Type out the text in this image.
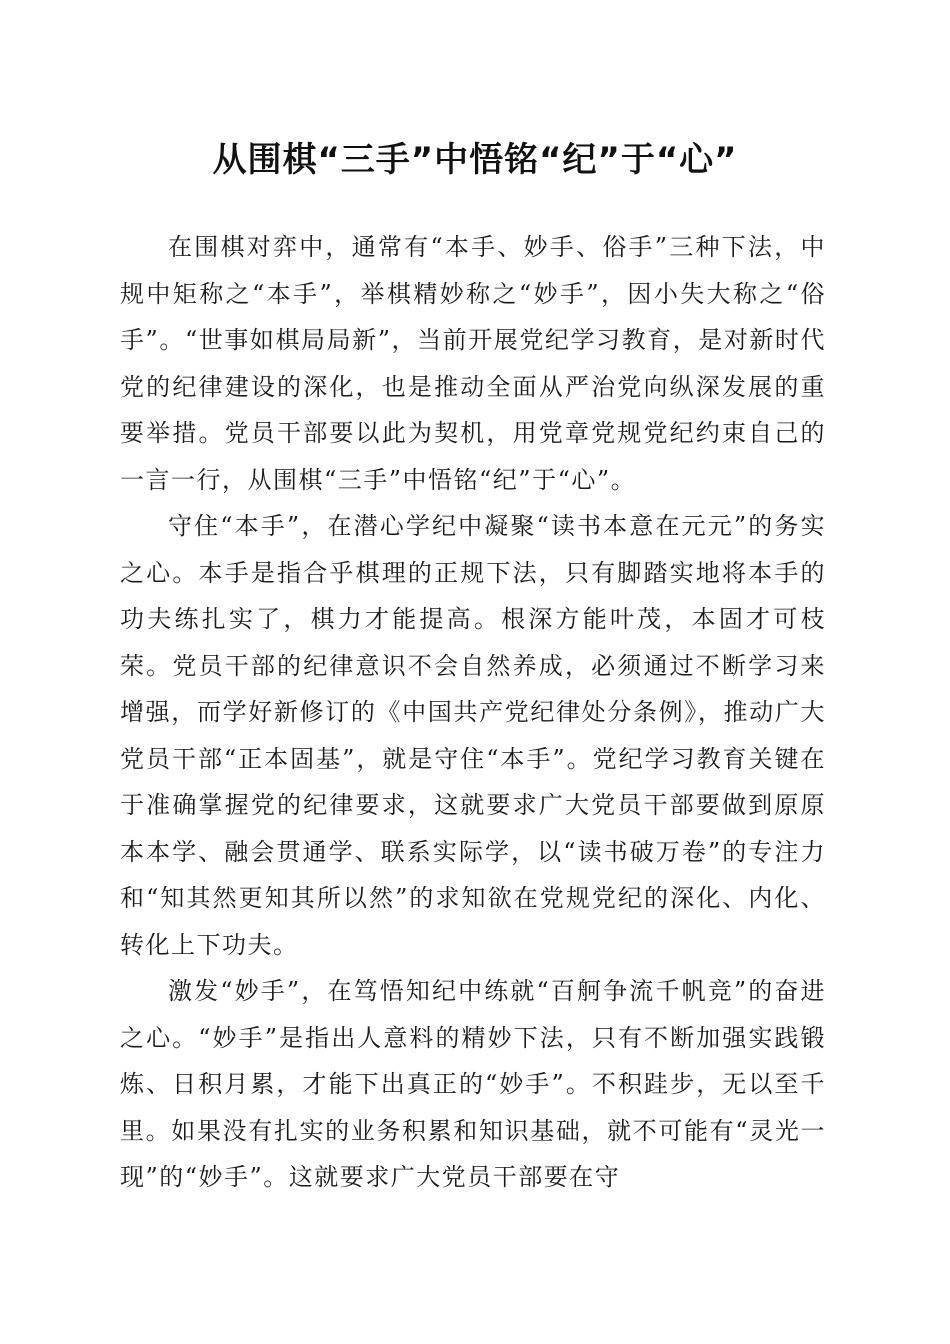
从围棋“三手”中悟铭“纪”于“心”

在围棋对弈中，通常有“本手、妙手、俗手”三种下法，中规中矩称之“本手”，举棋精妙称之“妙手”，因小失大称之“俗手”。“世事如棋局局新”，当前开展党纪学习教育，是对新时代党的纪律建设的深化，也是推动全面从严治党向纵深发展的重要举措。党员干部要以此为契机，用党章党规党纪约束自己的一言一行，从围棋“三手”中悟铭“纪”于“心”。

守住“本手”，在潜心学纪中凝聚“读书本意在元元”的务实之心。本手是指合乎棋理的正规下法，只有脚踏实地将本手的功夫练扎实了，棋力才能提高。根深方能叶茂，本固才可枝荣。党员干部的纪律意识不会自然养成，必须通过不断学习来增强，而学好新修订的《中国共产党纪律处分条例》，推动广大党员干部“正本固基”，就是守住“本手”。党纪学习教育关键在于准确掌握党的纪律要求，这就要求广大党员干部要做到原原本本学、融会贯通学、联系实际学，以“读书破万卷”的专注力和“知其然更知其所以然”的求知欲在党规党纪的深化、内化、转化上下功夫。

激发“妙手”，在笃悟知纪中练就“百舸争流千帆竞”的奋进之心。“妙手”是指出人意料的精妙下法，只有不断加强实践锻炼、日积月累，才能下出真正的“妙手”。不积跬步，无以至千里。如果没有扎实的业务积累和知识基础，就不可能有“灵光一现”的“妙手”。这就要求广大党员干部要在守
